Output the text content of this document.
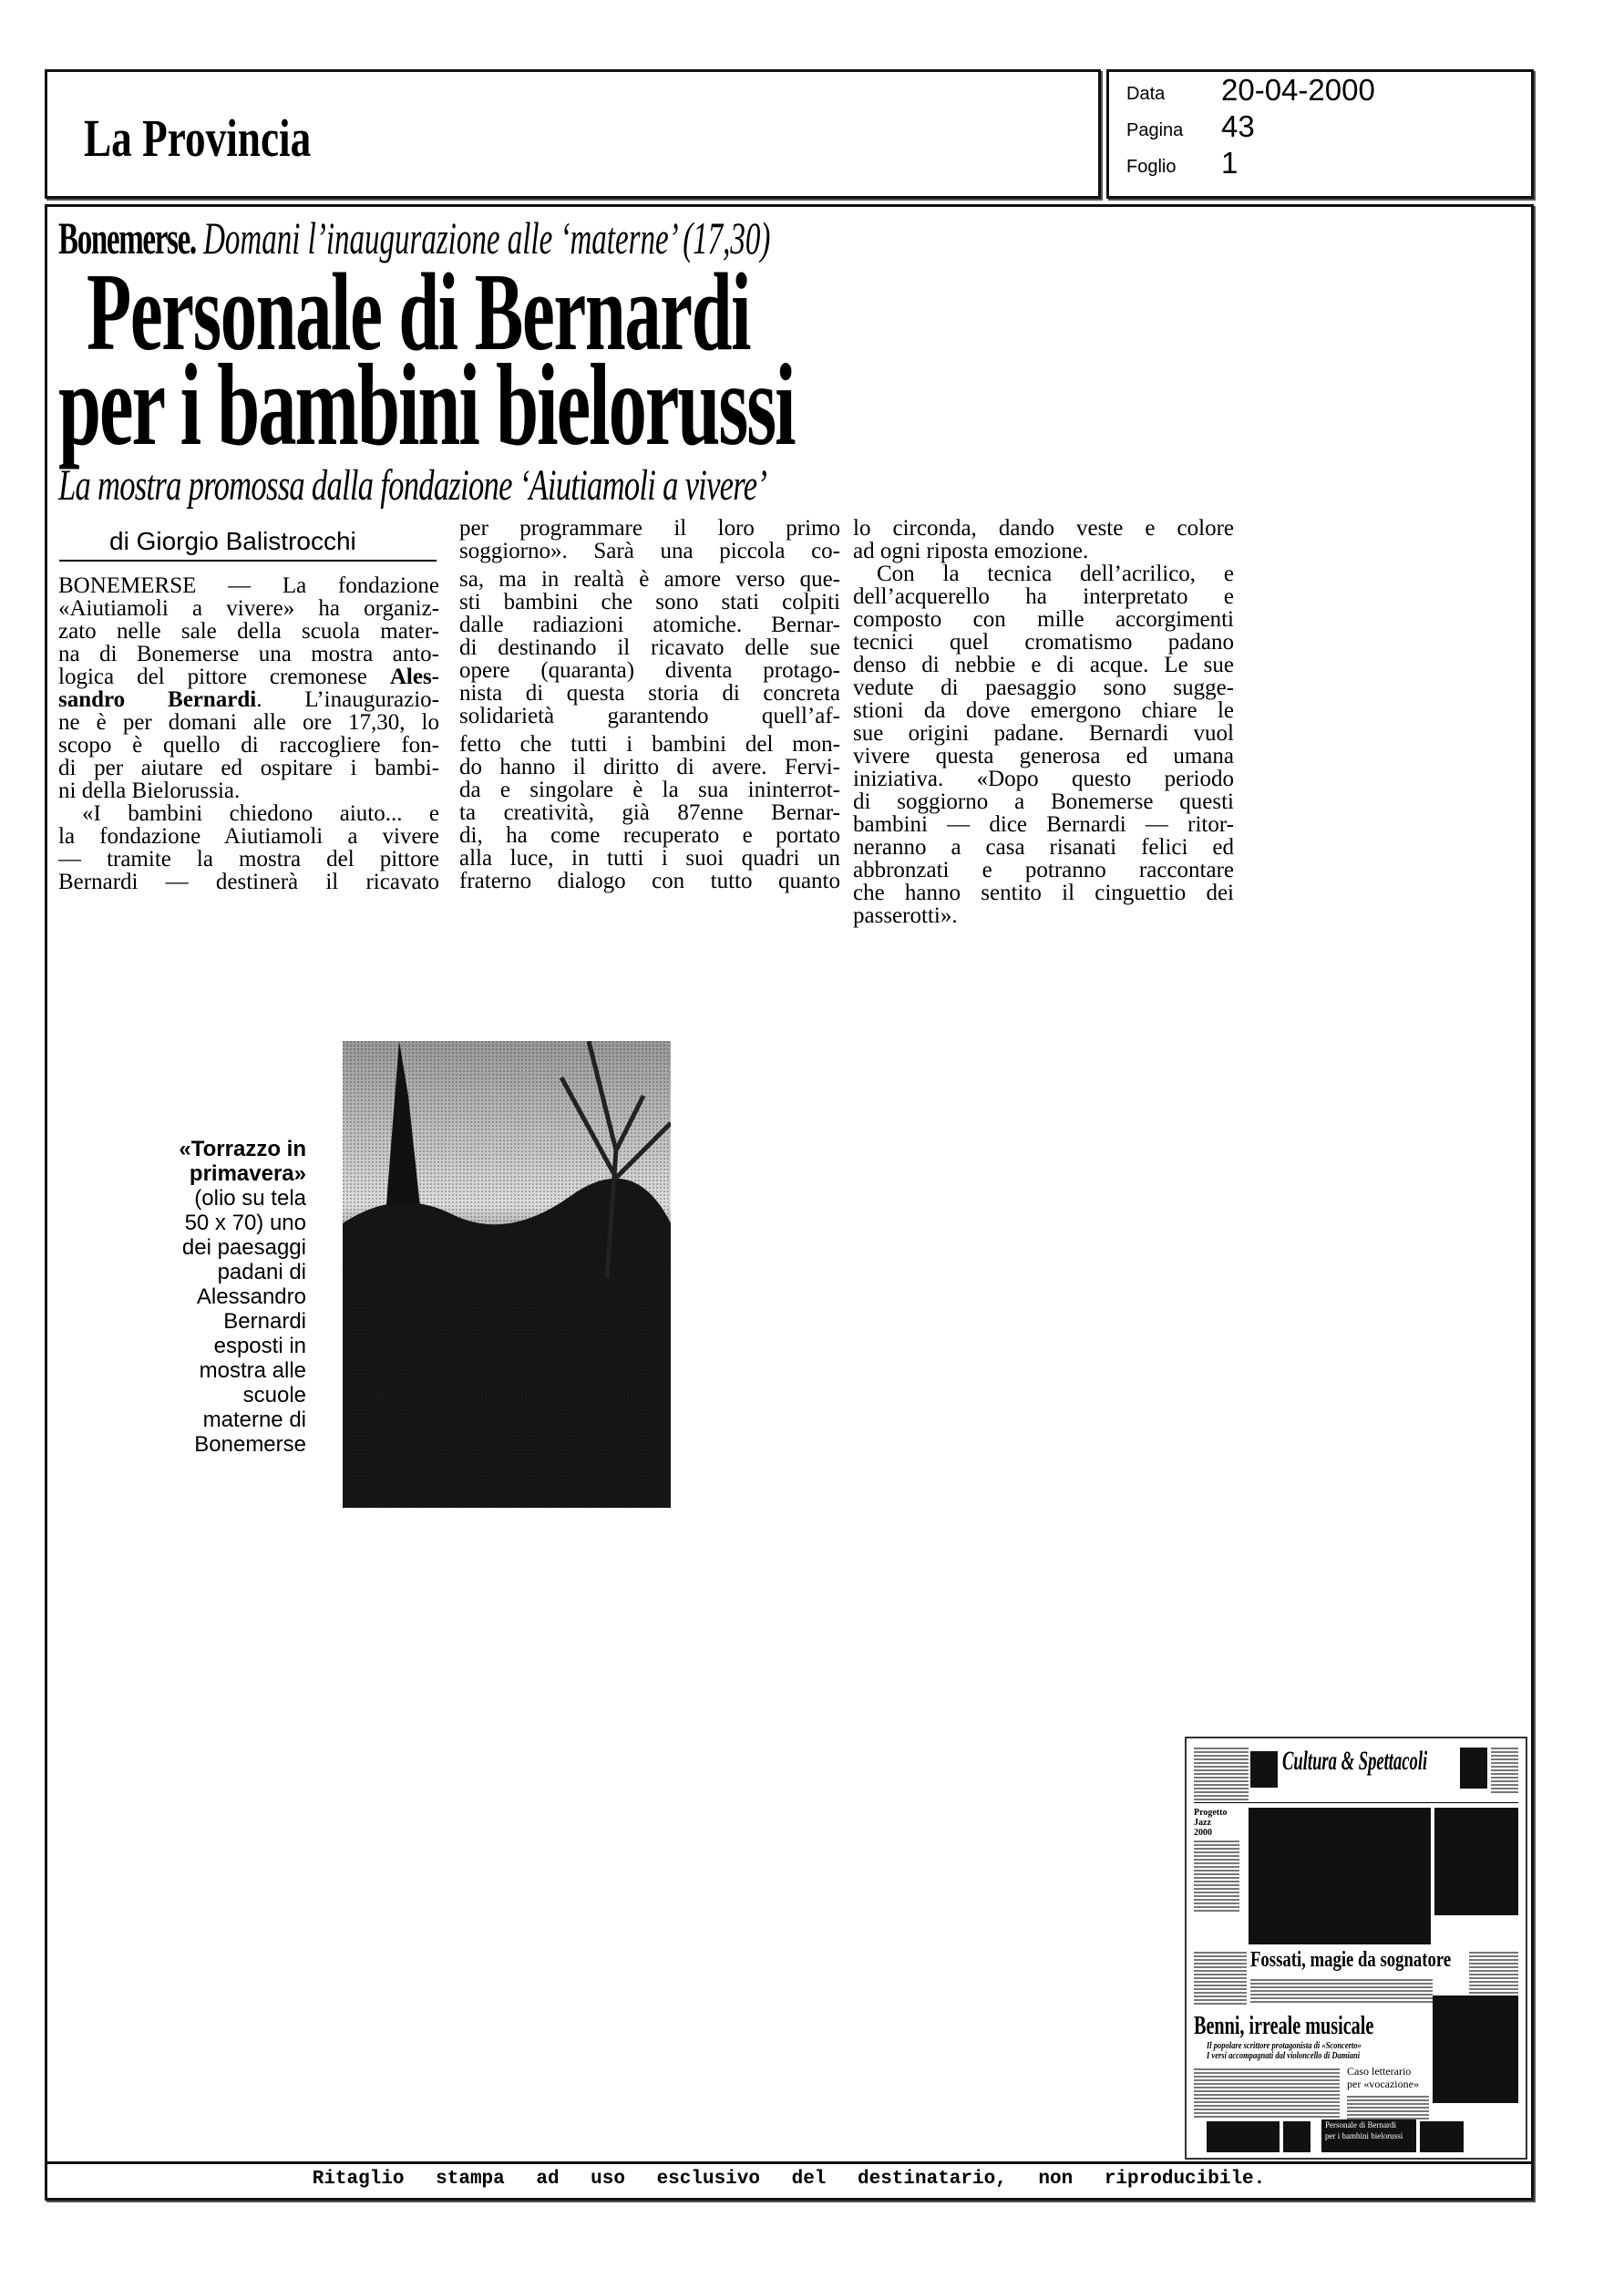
La Provincia
Data 20-04-2000
Pagina 43
Foglio 1
Bonemerse. Domani l’inaugurazione alle ‘materne’ (17,30)
Personale di Bernardi
per i bambini bielorussi
La mostra promossa dalla fondazione ‘Aiutiamoli a vivere’
di Giorgio Balistrocchi
BONEMERSE — La fondazione
«Aiutiamoli a vivere» ha organiz-
zato nelle sale della scuola mater-
na di Bonemerse una mostra anto-
logica del pittore cremonese Ales-
sandro Bernardi. L’inaugurazio-
ne è per domani alle ore 17,30, lo
scopo è quello di raccogliere fon-
di per aiutare ed ospitare i bambi-
ni della Bielorussia.
«I bambini chiedono aiuto... e
la fondazione Aiutiamoli a vivere
— tramite la mostra del pittore
Bernardi — destinerà il ricavato
per programmare il loro primo
soggiorno». Sarà una piccola co-
sa, ma in realtà è amore verso que-
sti bambini che sono stati colpiti
dalle radiazioni atomiche. Bernar-
di destinando il ricavato delle sue
opere (quaranta) diventa protago-
nista di questa storia di concreta
solidarietà garantendo quell’af-
fetto che tutti i bambini del mon-
do hanno il diritto di avere. Fervi-
da e singolare è la sua ininterrot-
ta creatività, già 87enne Bernar-
di, ha come recuperato e portato
alla luce, in tutti i suoi quadri un
fraterno dialogo con tutto quanto
lo circonda, dando veste e colore
ad ogni riposta emozione.
Con la tecnica dell’acrilico, e
dell’acquerello ha interpretato e
composto con mille accorgimenti
tecnici quel cromatismo padano
denso di nebbie e di acque. Le sue
vedute di paesaggio sono sugge-
stioni da dove emergono chiare le
sue origini padane. Bernardi vuol
vivere questa generosa ed umana
iniziativa. «Dopo questo periodo
di soggiorno a Bonemerse questi
bambini — dice Bernardi — ritor-
neranno a casa risanati felici ed
abbronzati e potranno raccontare
che hanno sentito il cinguettio dei
passerotti».
«Torrazzo in
primavera»
(olio su tela
50 x 70) uno
dei paesaggi
padani di
Alessandro
Bernardi
esposti in
mostra alle
scuole
materne di
Bonemerse
Cultura & Spettacoli
Progetto Jazz 2000
Fossati, magie da sognatore
Benni, irreale musicale
Il popolare scrittore protagonista di «Sconcerto»
I versi accompagnati dal violoncello di Damiani
Caso letterario
per «vocazione»
Personale di Bernardi
per i bambini bielorussi
Ritaglio stampa ad uso esclusivo del destinatario, non riproducibile.
